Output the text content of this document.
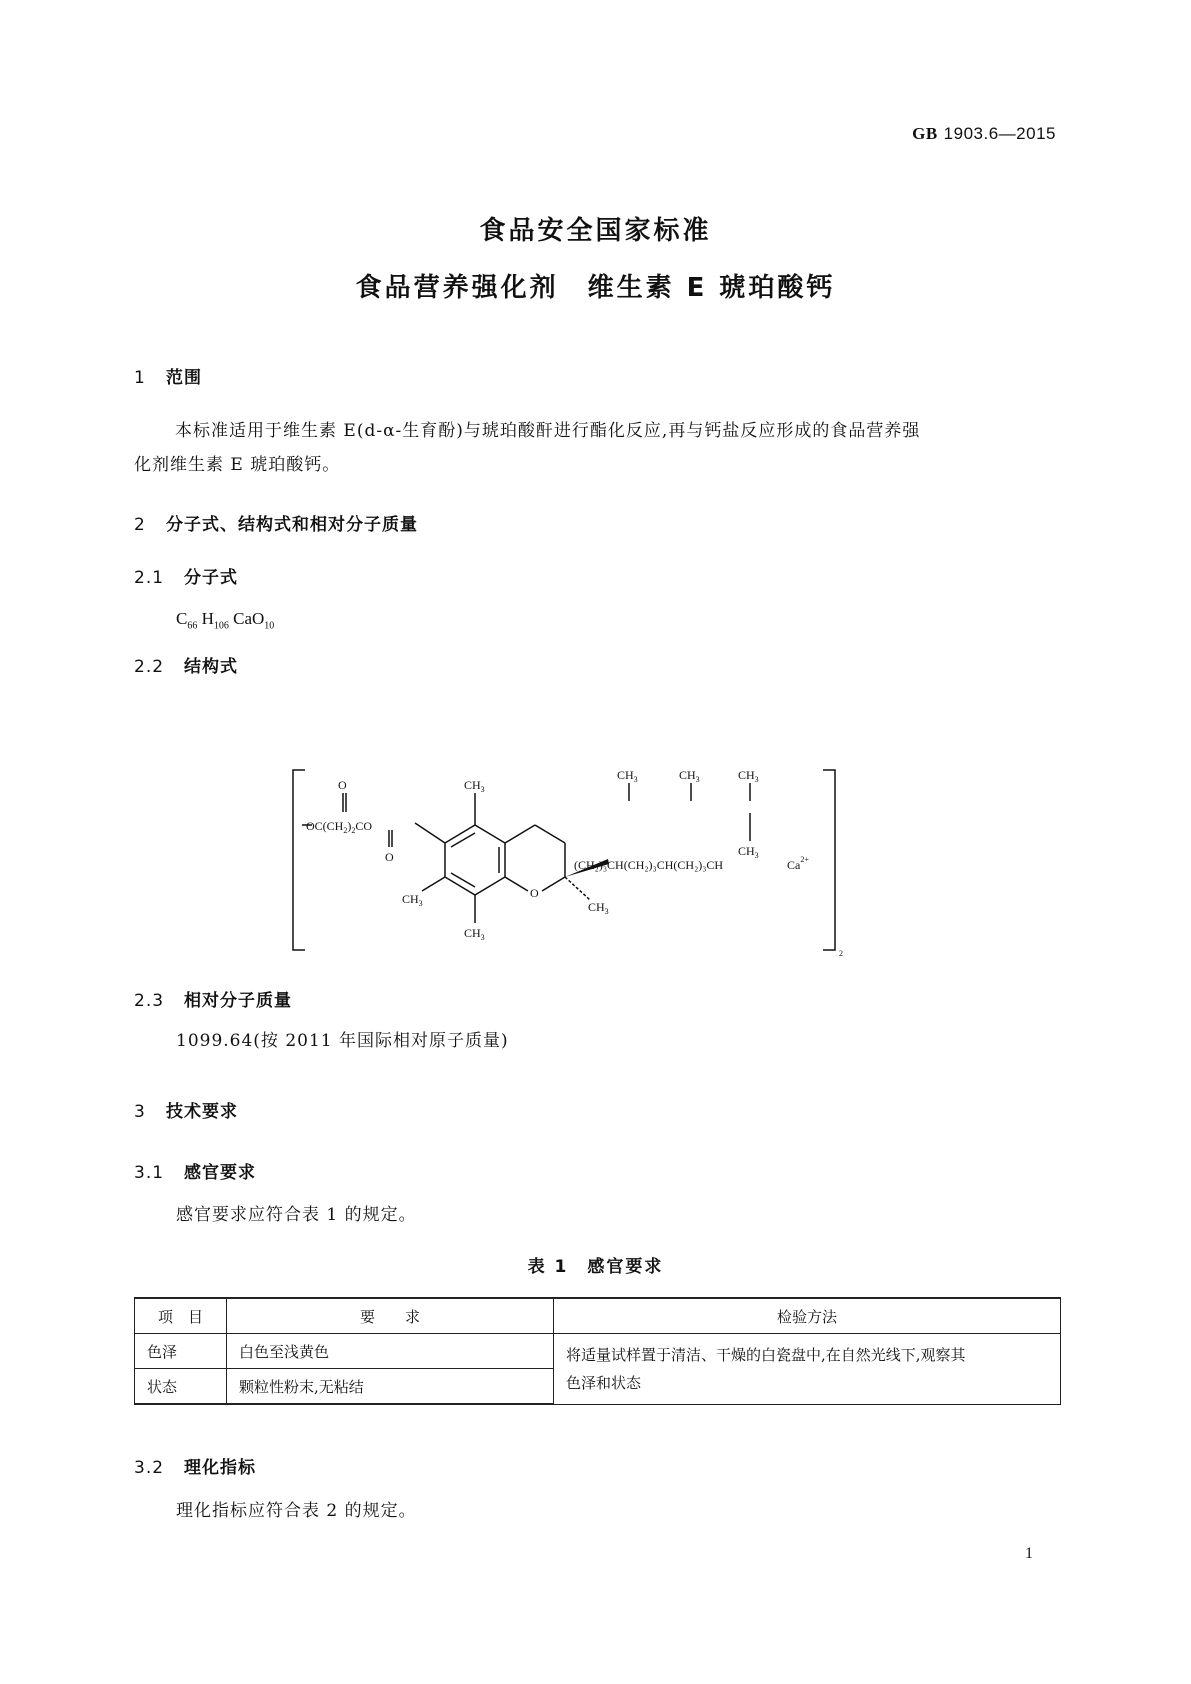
GB 1903.6—2015
食品安全国家标准
食品营养强化剂　维生素 E 琥珀酸钙
1 范围
本标准适用于维生素 E(d-α-生育酚)与琥珀酸酐进行酯化反应,再与钙盐反应形成的食品营养强
化剂维生素 E 琥珀酸钙。
2 分子式、结构式和相对分子质量
2.1 分子式
$C_{66}$ $H_{106}$ CaO$_{10}$
2.2 结构式
O
$OC(CH_2)_2CO$
O
$CH_3$
$CH_3$
$CH_3$
O
$CH_3$
$CH_3$	$CH_3$	$CH_3$
(CH₂)₃CH(CH₂)₃CH(CH₂)₃CH
$CH_3$
$Ca^{2+}$
2
2.3 相对分子质量
1099.64(按 2011 年国际相对原子质量)
3 技术要求
3.1 感官要求
感官要求应符合表 1 的规定。
表 1　感官要求
项　目	要　　求	检验方法
色泽	白色至浅黄色	将适量试样置于清洁、干燥的白瓷盘中,在自然光线下,观察其
色泽和状态

状态	颗粒性粉末,无粘结	
3.2 理化指标
理化指标应符合表 2 的规定。
1
